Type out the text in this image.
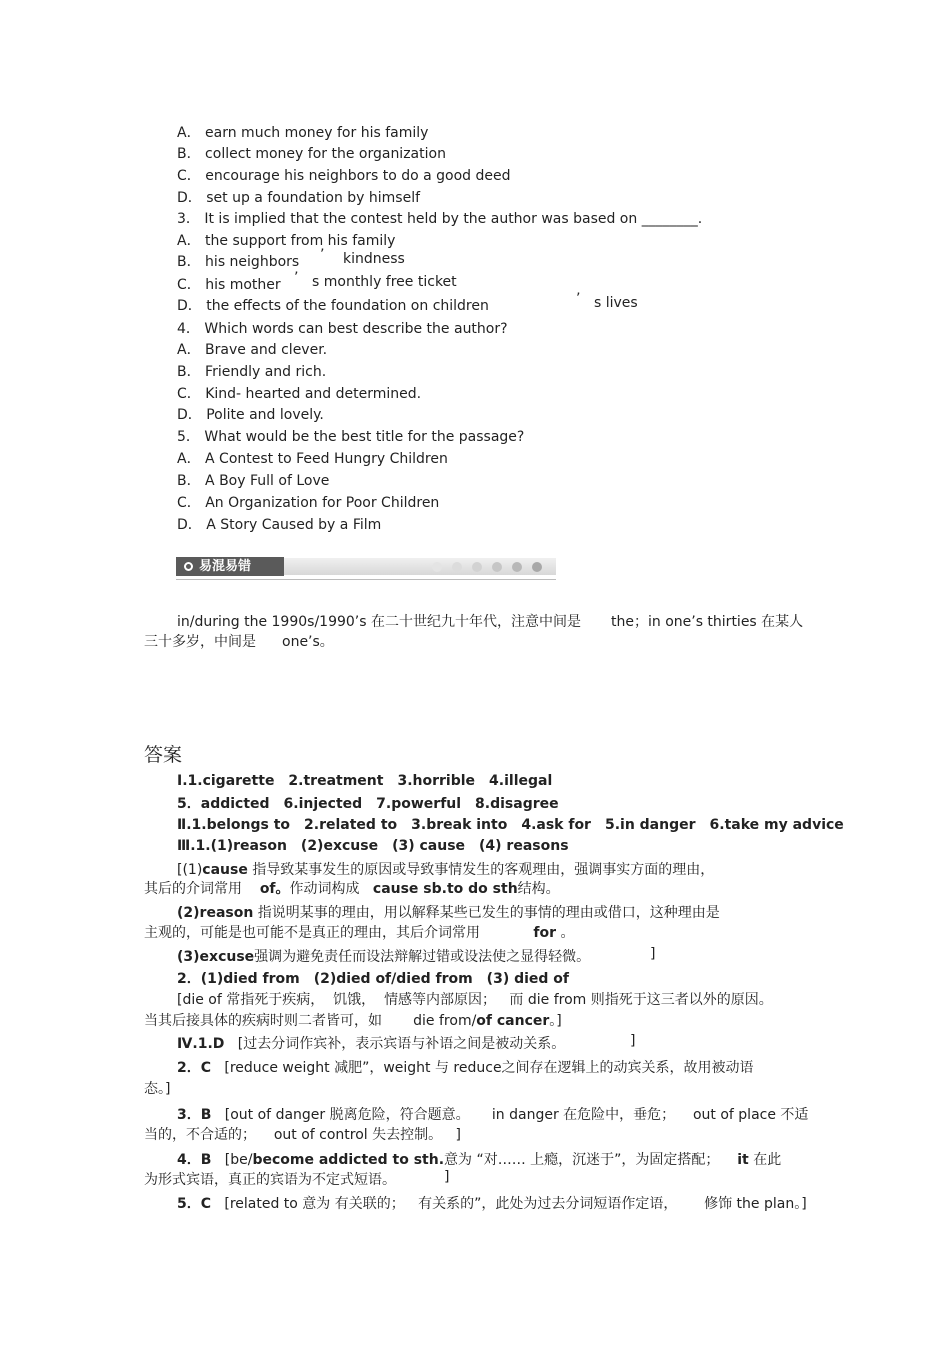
A． earn much money for his family
B． collect money for the organization
C． encourage his neighbors to do a good deed
D． set up a foundation by himself
3． It is implied that the contest held by the author was based on ________.
A． the support from his family
B． his neighbors ’ kindness
C． his mother ’ s monthly free ticket
D． the effects of the foundation on children	’ s lives
4． Which words can best describe the author?
A． Brave and clever.
B． Friendly and rich.
C． Kind- hearted and determined.
D． Polite and lovely.
5． What would be the best title for the passage?
A． A Contest to Feed Hungry Children
B． A Boy Full of Love
C． An Organization for Poor Children
D． A Story Caused by a Film
易混易错
in/during the 1990s/1990’s 在二十世纪九十年代，注意中间是 the；in one’s thirties 在某人
三十多岁，中间是 one’s。
答案
Ⅰ.1.cigarette　2.treatment　3.horrible　4.illegal
5．addicted　6.injected　7.powerful　8.disagree
Ⅱ.1.belongs to　2.related to　3.break into　4.ask for　5.in danger　6.take my advice
Ⅲ.1.(1)reason　(2)excuse　(3) cause　(4) reasons
[(1)cause 指导致某事发生的原因或导致事情发生的客观理由，强调事实方面的理由，
其后的介词常用 of。作动词构成 cause sb.to do sth结构。
(2)reason 指说明某事的理由，用以解释某些已发生的事情的理由或借口，这种理由是
主观的，可能是也可能不是真正的理由，其后介词常用	for 。
(3)excuse强调为避免责任而设法辩解过错或设法使之显得轻微。	]
2．(1)died from　(2)died of/died from　(3) died of
[die of 常指死于疾病， 饥饿， 情感等内部原因； 而 die from 则指死于这三者以外的原因。
当其后接具体的疾病时则二者皆可，如 die from/of cancer。]
Ⅳ.1.D [过去分词作宾补，表示宾语与补语之间是被动关系。	]
2．C [reduce weight 减肥”，weight 与 reduce之间存在逻辑上的动宾关系，故用被动语
态。]
3．B [out of danger 脱离危险，符合题意。 in danger 在危险中，垂危； out of place 不适
当的，不合适的； out of control 失去控制。 ]
4．B [be/become addicted to sth.意为 “对…… 上瘾，沉迷于”，为固定搭配； it 在此
为形式宾语，真正的宾语为不定式短语。	]
5．C [related to 意为 有关联的； 有关系的”，此处为过去分词短语作定语， 修饰 the plan。]
